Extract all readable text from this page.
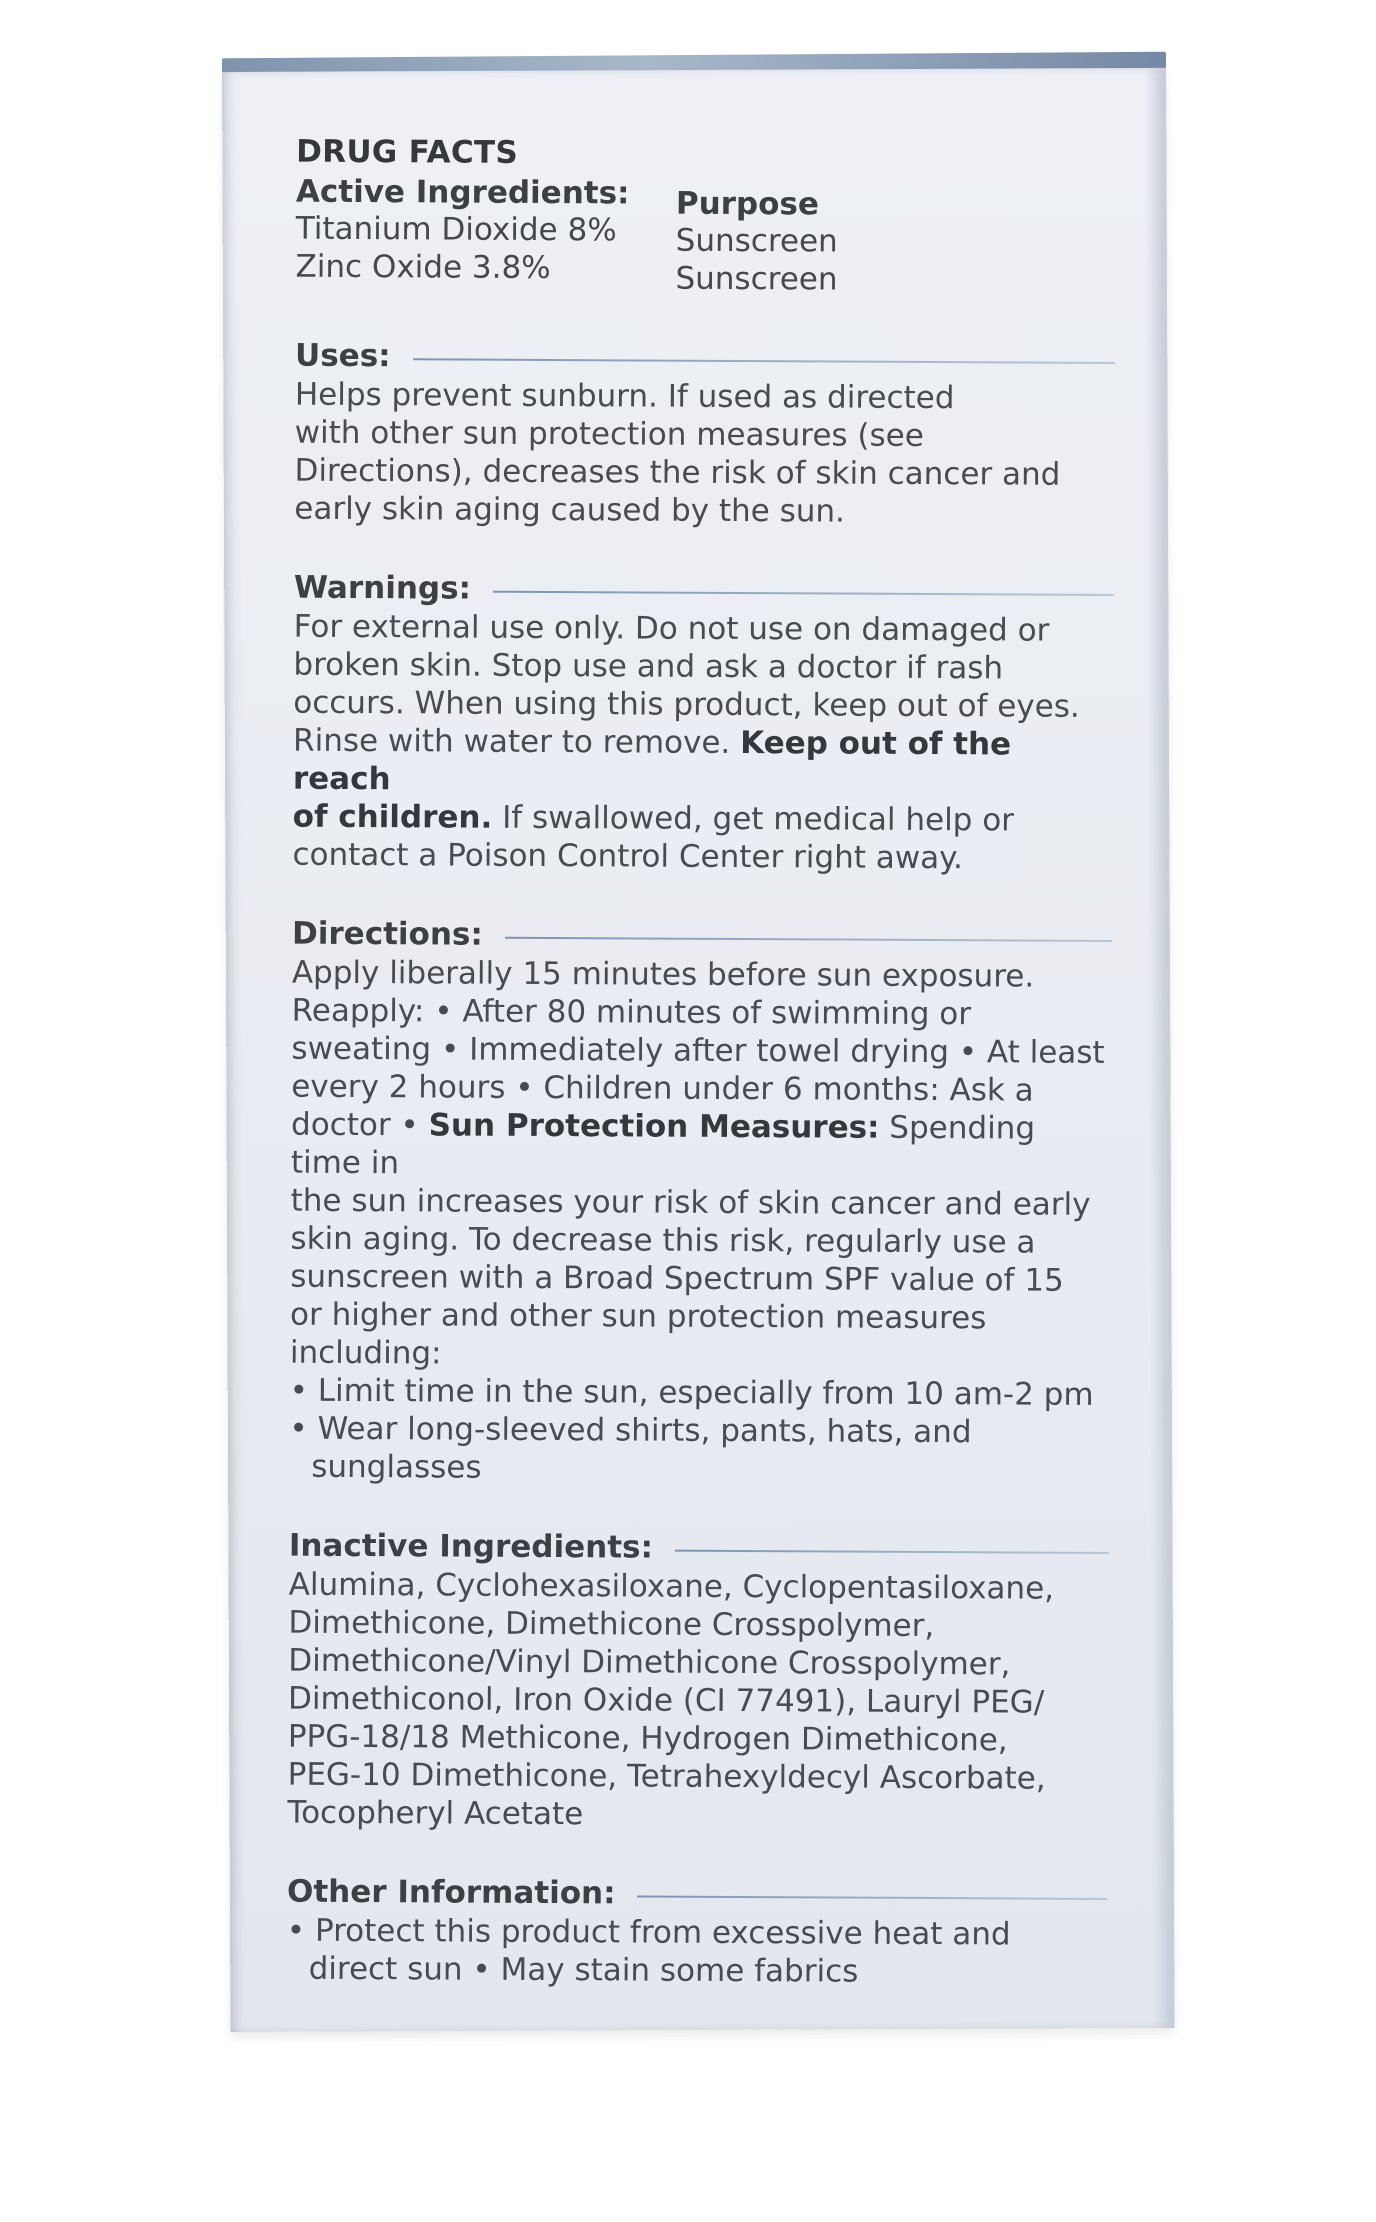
DRUG FACTS
Active Ingredients:
Titanium Dioxide 8%
Zinc Oxide 3.8%
Purpose
Sunscreen
Sunscreen
Uses:

Helps prevent sunburn. If used as directed

with other sun protection measures (see

Directions), decreases the risk of skin cancer and

early skin aging caused by the sun.

Warnings:

For external use only. Do not use on damaged or

broken skin. Stop use and ask a doctor if rash

occurs. When using this product, keep out of eyes.

Rinse with water to remove. Keep out of the reach

of children. If swallowed, get medical help or

contact a Poison Control Center right away.

Directions:

Apply liberally 15 minutes before sun exposure.

Reapply: • After 80 minutes of swimming or

sweating • Immediately after towel drying • At least

every 2 hours • Children under 6 months: Ask a

doctor • Sun Protection Measures: Spending time in

the sun increases your risk of skin cancer and early

skin aging. To decrease this risk, regularly use a

sunscreen with a Broad Spectrum SPF value of 15

or higher and other sun protection measures

including:

• Limit time in the sun, especially from 10 am-2 pm

• Wear long-sleeved shirts, pants, hats, and

sunglasses

Inactive Ingredients:

Alumina, Cyclohexasiloxane, Cyclopentasiloxane,

Dimethicone, Dimethicone Crosspolymer,

Dimethicone/Vinyl Dimethicone Crosspolymer,

Dimethiconol, Iron Oxide (CI 77491), Lauryl PEG/

PPG-18/18 Methicone, Hydrogen Dimethicone,

PEG-10 Dimethicone, Tetrahexyldecyl Ascorbate,

Tocopheryl Acetate

Other Information:

• Protect this product from excessive heat and

direct sun • May stain some fabrics
